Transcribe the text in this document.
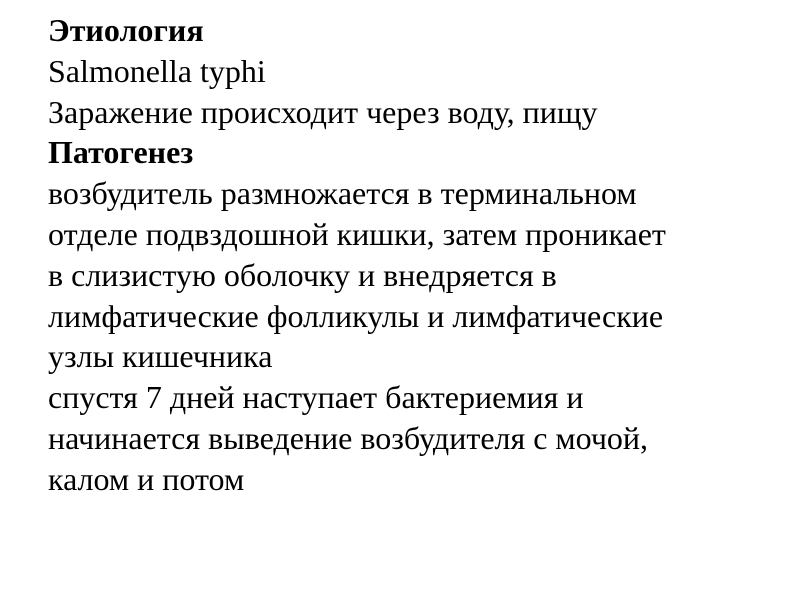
Этиология
Salmonella typhi
Заражение происходит через воду, пищу
Патогенез
возбудитель размножается в терминальном
отделе подвздошной кишки, затем проникает
в слизистую оболочку и внедряется в
лимфатические фолликулы и лимфатические
узлы кишечника
спустя 7 дней наступает бактериемия и
начинается выведение возбудителя с мочой,
калом и потом
